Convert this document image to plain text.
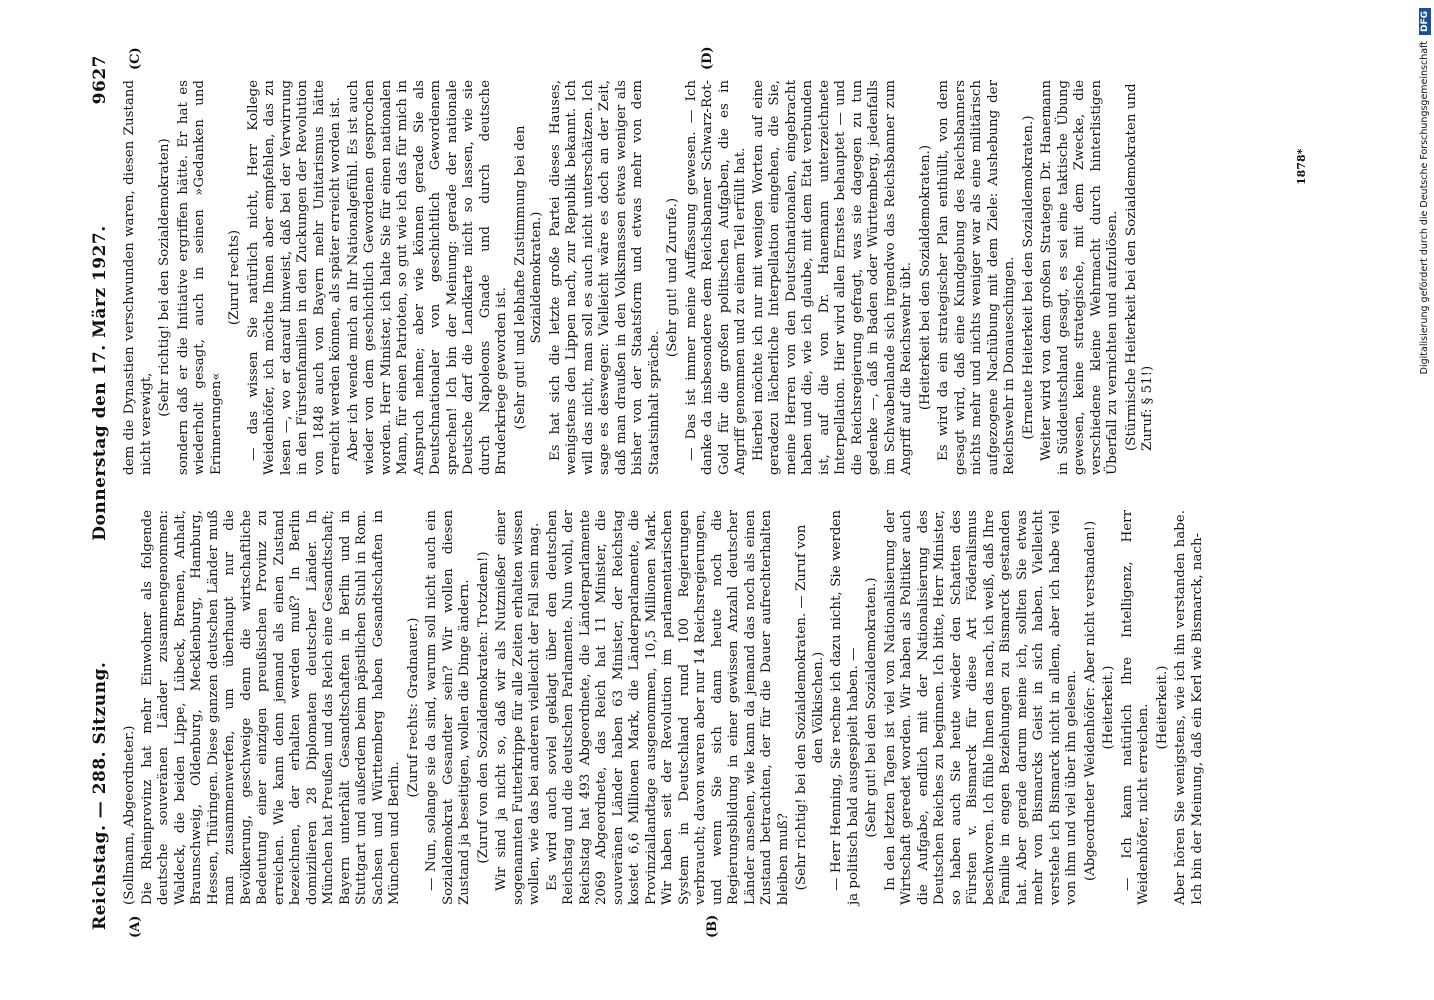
Reichstag. — 288. Sitzung.
Donnerstag den 17. März 1927.
9627
(A)	(B)
(C)	(D)

(Sollmann, Abgeordneter.) Die Rheinprovinz hat mehr Einwohner als folgende deutsche souveränen Länder zusammengenommen: Waldeck, die beiden Lippe, Lübeck, Bremen, Anhalt, Braunschweig, Oldenburg, Mecklenburg, Hamburg, Hessen, Thüringen. Diese ganzen deutschen Länder muß man zusammenwerfen, um überhaupt nur die Bevölkerung, geschweige denn die wirtschaftliche Bedeutung einer einzigen preußischen Provinz zu erreichen. Wie kann denn jemand als einen Zustand bezeichnen, der erhalten werden muß? In Berlin domizilieren 28 Diplomaten deutscher Länder. In München hat Preußen und das Reich eine Gesandtschaft; Bayern unterhält Gesandtschaften in Berlin und in Stuttgart und außerdem beim päpstlichen Stuhl in Rom. Sachsen und Württemberg haben Gesandtschaften in München und Berlin.

(Zuruf rechts: Gradnauer.) — Nun, solange sie da sind, warum soll nicht auch ein Sozialdemokrat Gesandter sein? Wir wollen diesen Zustand ja beseitigen, wollen die Dinge ändern. (Zuruf von den Sozialdemokraten: Trotzdem!) Wir sind ja nicht so, daß wir als Nutznießer einer sogenannten Futterkrippe für alle Zeiten erhalten wissen wollen, wie das bei anderen vielleicht der Fall sein mag. Es wird auch soviel geklagt über den deutschen Reichstag und die deutschen Parlamente. Nun wohl, der Reichstag hat 493 Abgeordnete, die Länderparlamente 2069 Abgeordnete, das Reich hat 11 Minister, die souveränen Länder haben 63 Minister, der Reichstag kostet 6,6 Millionen Mark, die Länderparlamente, die Provinziallandtage ausgenommen, 10,5 Millionen Mark. Wir haben seit der Revolution im parlamentarischen System in Deutschland rund 100 Regierungen verbraucht; davon waren aber nur 14 Reichsregierungen, und wenn Sie sich dann heute noch die Regierungsbildung in einer gewissen Anzahl deutscher Länder ansehen, wie kann da jemand das noch als einen Zustand betrachten, der für die Dauer aufrechterhalten bleiben muß? (Sehr richtig! bei den Sozialdemokraten. — Zuruf von den Völkischen.) — Herr Henning, Sie rechne ich dazu nicht, Sie werden ja politisch bald ausgespielt haben. — (Sehr gut! bei den Sozialdemokraten.) In den letzten Tagen ist viel von Nationalisierung der Wirtschaft geredet worden. Wir haben als Politiker auch die Aufgabe, endlich mit der Nationalisierung des Deutschen Reiches zu beginnen. Ich bitte, Herr Minister, so haben auch Sie heute wieder den Schatten des Fürsten v. Bismarck für diese Art Föderalismus beschworen. Ich fühle Ihnen das nach, ich weiß, daß Ihre Familie in engen Beziehungen zu Bismarck gestanden hat. Aber gerade darum meine ich, sollten Sie etwas mehr von Bismarcks Geist in sich haben. Vielleicht verstehe ich Bismarck nicht in allem, aber ich habe viel von ihm und viel über ihn gelesen. (Abgeordneter Weidenhöfer: Aber nicht verstanden!) (Heiterkeit.) — Ich kann natürlich Ihre Intelligenz, Herr Weidenhöfer, nicht erreichen. (Heiterkeit.) Aber hören Sie wenigstens, wie ich ihn verstanden habe. Ich bin der Meinung, daß ein Kerl wie Bismarck, nach-

dem die Dynastien verschwunden waren, diesen Zustand nicht verewigt,

(Sehr richtig! bei den Sozialdemokraten) sondern daß er die Initiative ergriffen hätte. Er hat es wiederholt gesagt, auch in seinen »Gedanken und Erinnerungen«

(Zuruf rechts) — das wissen Sie natürlich nicht, Herr Kollege Weidenhöfer, ich möchte Ihnen aber empfehlen, das zu lesen —, wo er darauf hinweist, daß bei der Verwirrung in den Fürstenfamilien in den Zuckungen der Revolution von 1848 auch von Bayern mehr Unitarismus hätte erreicht werden können, als später erreicht worden ist. Aber ich wende mich an Ihr Nationalgefühl. Es ist auch wieder von dem geschichtlich Gewordenen gesprochen worden. Herr Minister, ich halte Sie für einen nationalen Mann, für einen Patrioten, so gut wie ich das für mich in Anspruch nehme; aber wie können gerade Sie als Deutschnationaler von geschichtlich Gewordenem sprechen! Ich bin der Meinung: gerade der nationale Deutsche darf die Landkarte nicht so lassen, wie sie durch Napoleons Gnade und durch deutsche Bruderkriege geworden ist. (Sehr gut! und lebhafte Zustimmung bei den Sozialdemokraten.) Es hat sich die letzte große Partei dieses Hauses, wenigstens den Lippen nach, zur Republik bekannt. Ich will das nicht, man soll es auch nicht unterschätzen. Ich sage es deswegen: Vielleicht wäre es doch an der Zeit, daß man draußen in den Volksmassen etwas weniger als bisher von der Staatsform und etwas mehr von dem Staatsinhalt spräche.

(Sehr gut! und Zurufe.) — Das ist immer meine Auffassung gewesen. — Ich danke da insbesondere dem Reichsbanner Schwarz-Rot-Gold für die großen politischen Aufgaben, die es in Angriff genommen und zu einem Teil erfüllt hat. Hierbei möchte ich nur mit wenigen Worten auf eine geradezu lächerliche Interpellation eingehen, die Sie, meine Herren von den Deutschnationalen, eingebracht haben und die, wie ich glaube, mit dem Etat verbunden ist, auf die von Dr. Hanemann unterzeichnete Interpellation. Hier wird allen Ernstes behauptet — und die Reichsregierung gefragt, was sie dagegen zu tun gedenke —, daß in Baden oder Württemberg, jedenfalls im Schwabenlande sich irgendwo das Reichsbanner zum Angriff auf die Reichswehr übt. (Heiterkeit bei den Sozialdemokraten.) Es wird da ein strategischer Plan enthüllt, von dem gesagt wird, daß eine Kundgebung des Reichsbanners nichts mehr und nichts weniger war als eine militärisch aufgezogene Nachübung mit dem Ziele: Aushebung der Reichswehr in Donaueschingen. (Erneute Heiterkeit bei den Sozialdemokraten.) Weiter wird von dem großen Strategen Dr. Hanemann in Süddeutschland gesagt, es sei eine taktische Übung gewesen, keine strategische, mit dem Zwecke, die verschiedene kleine Wehrmacht durch hinterlistigen Überfall zu vernichten und aufzulösen. (Stürmische Heiterkeit bei den Sozialdemokraten und Zuruf: § 51!)

1878*	Digitalisierung gefördert durch die Deutsche Forschungsgemeinschaft
DFG
